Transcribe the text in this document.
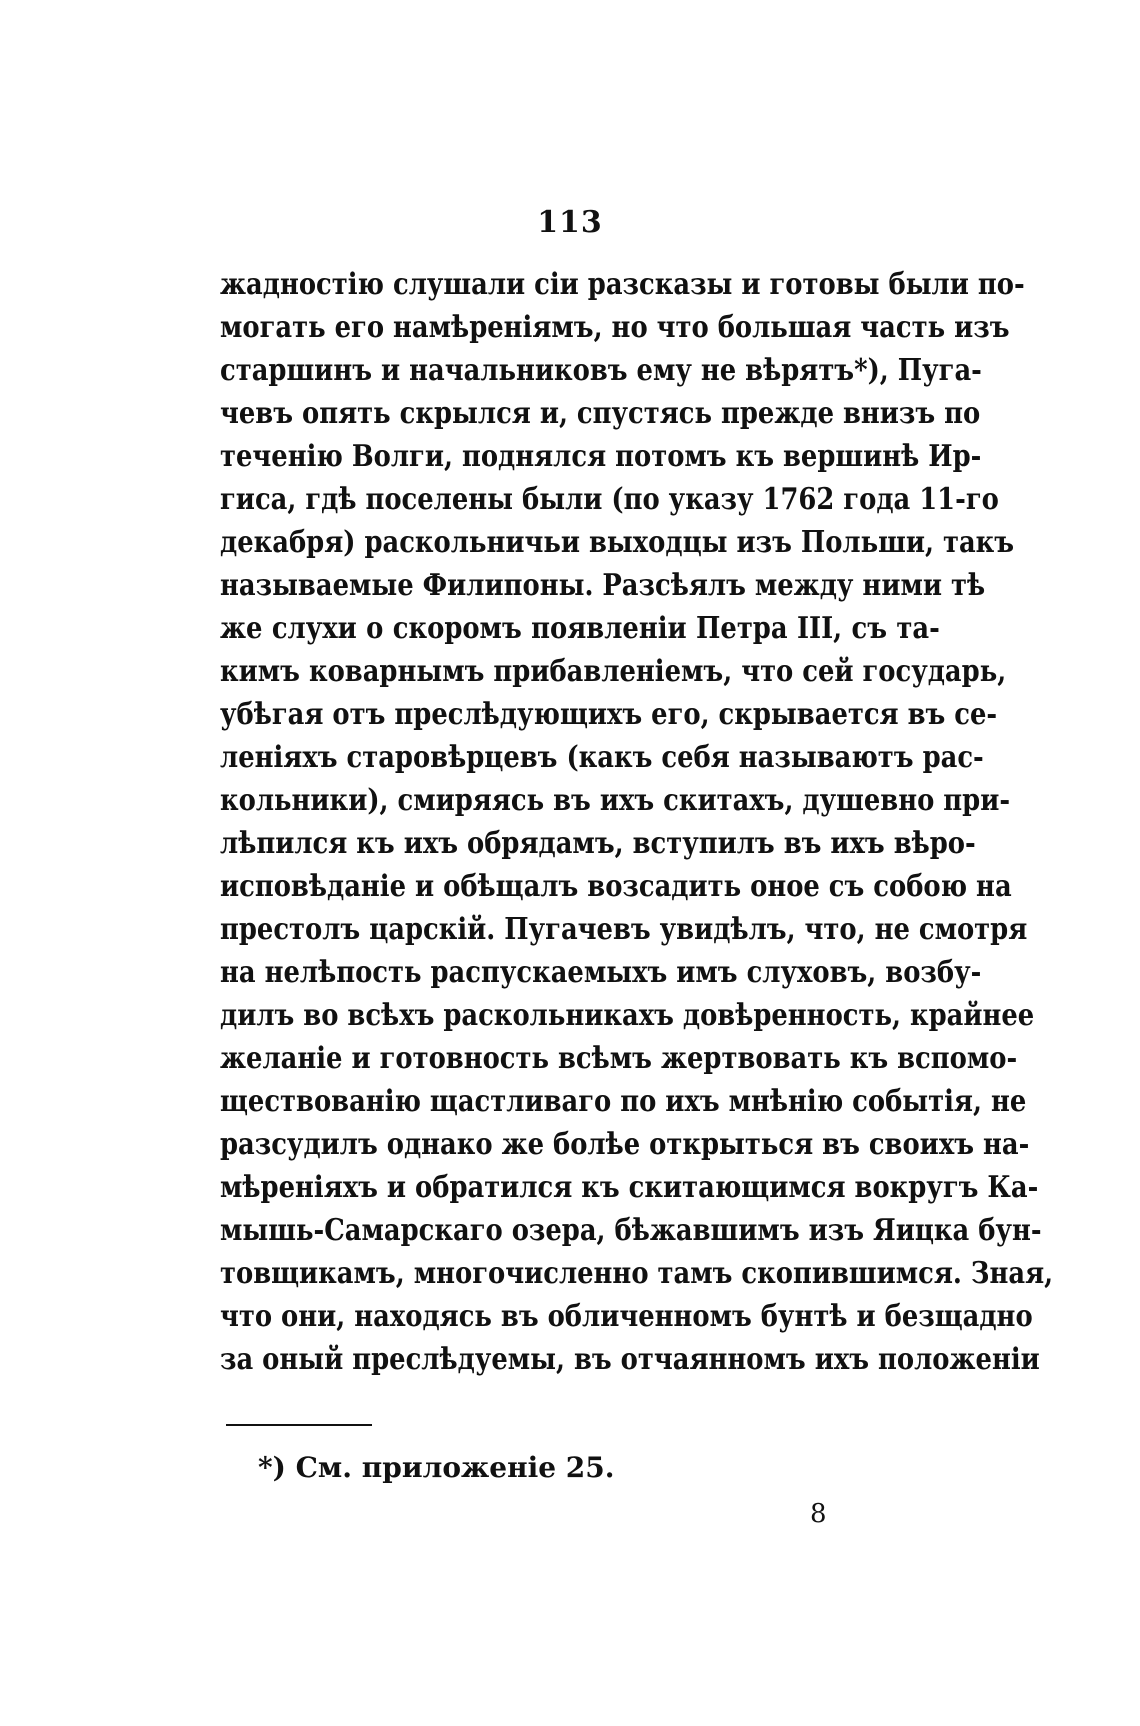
113
жадностію слушали сіи разсказы и готовы были по-
могать его намѣреніямъ, но что большая часть изъ
старшинъ и начальниковъ ему не вѣрятъ*), Пуга-
чевъ опять скрылся и, спустясь прежде внизъ по
теченію Волги, поднялся потомъ къ вершинѣ Ир-
гиса, гдѣ поселены были (по указу 1762 года 11-го
декабря) раскольничьи выходцы изъ Польши, такъ
называемые Филипоны. Разсѣялъ между ними тѣ
же слухи о скоромъ появленіи Петра III, съ та-
кимъ коварнымъ прибавленіемъ, что сей государь,
убѣгая отъ преслѣдующихъ его, скрывается въ се-
леніяхъ старовѣрцевъ (какъ себя называютъ рас-
кольники), смиряясь въ ихъ скитахъ, душевно при-
лѣпился къ ихъ обрядамъ, вступилъ въ ихъ вѣро-
исповѣданіе и обѣщалъ возсадить оное съ собою на
престолъ царскій. Пугачевъ увидѣлъ, что, не смотря
на нелѣпость распускаемыхъ имъ слуховъ, возбу-
дилъ во всѣхъ раскольникахъ довѣренность, крайнее
желаніе и готовность всѣмъ жертвовать къ вспомо-
ществованію щастливаго по ихъ мнѣнію событія, не
разсудилъ однако же болѣе открыться въ своихъ на-
мѣреніяхъ и обратился къ скитающимся вокругъ Ка-
мышь-Самарскаго озера, бѣжавшимъ изъ Яицка бун-
товщикамъ, многочисленно тамъ скопившимся. Зная,
что они, находясь въ обличенномъ бунтѣ и безщадно
за оный преслѣдуемы, въ отчаянномъ ихъ положеніи
*) См. приложеніе 25.
8
